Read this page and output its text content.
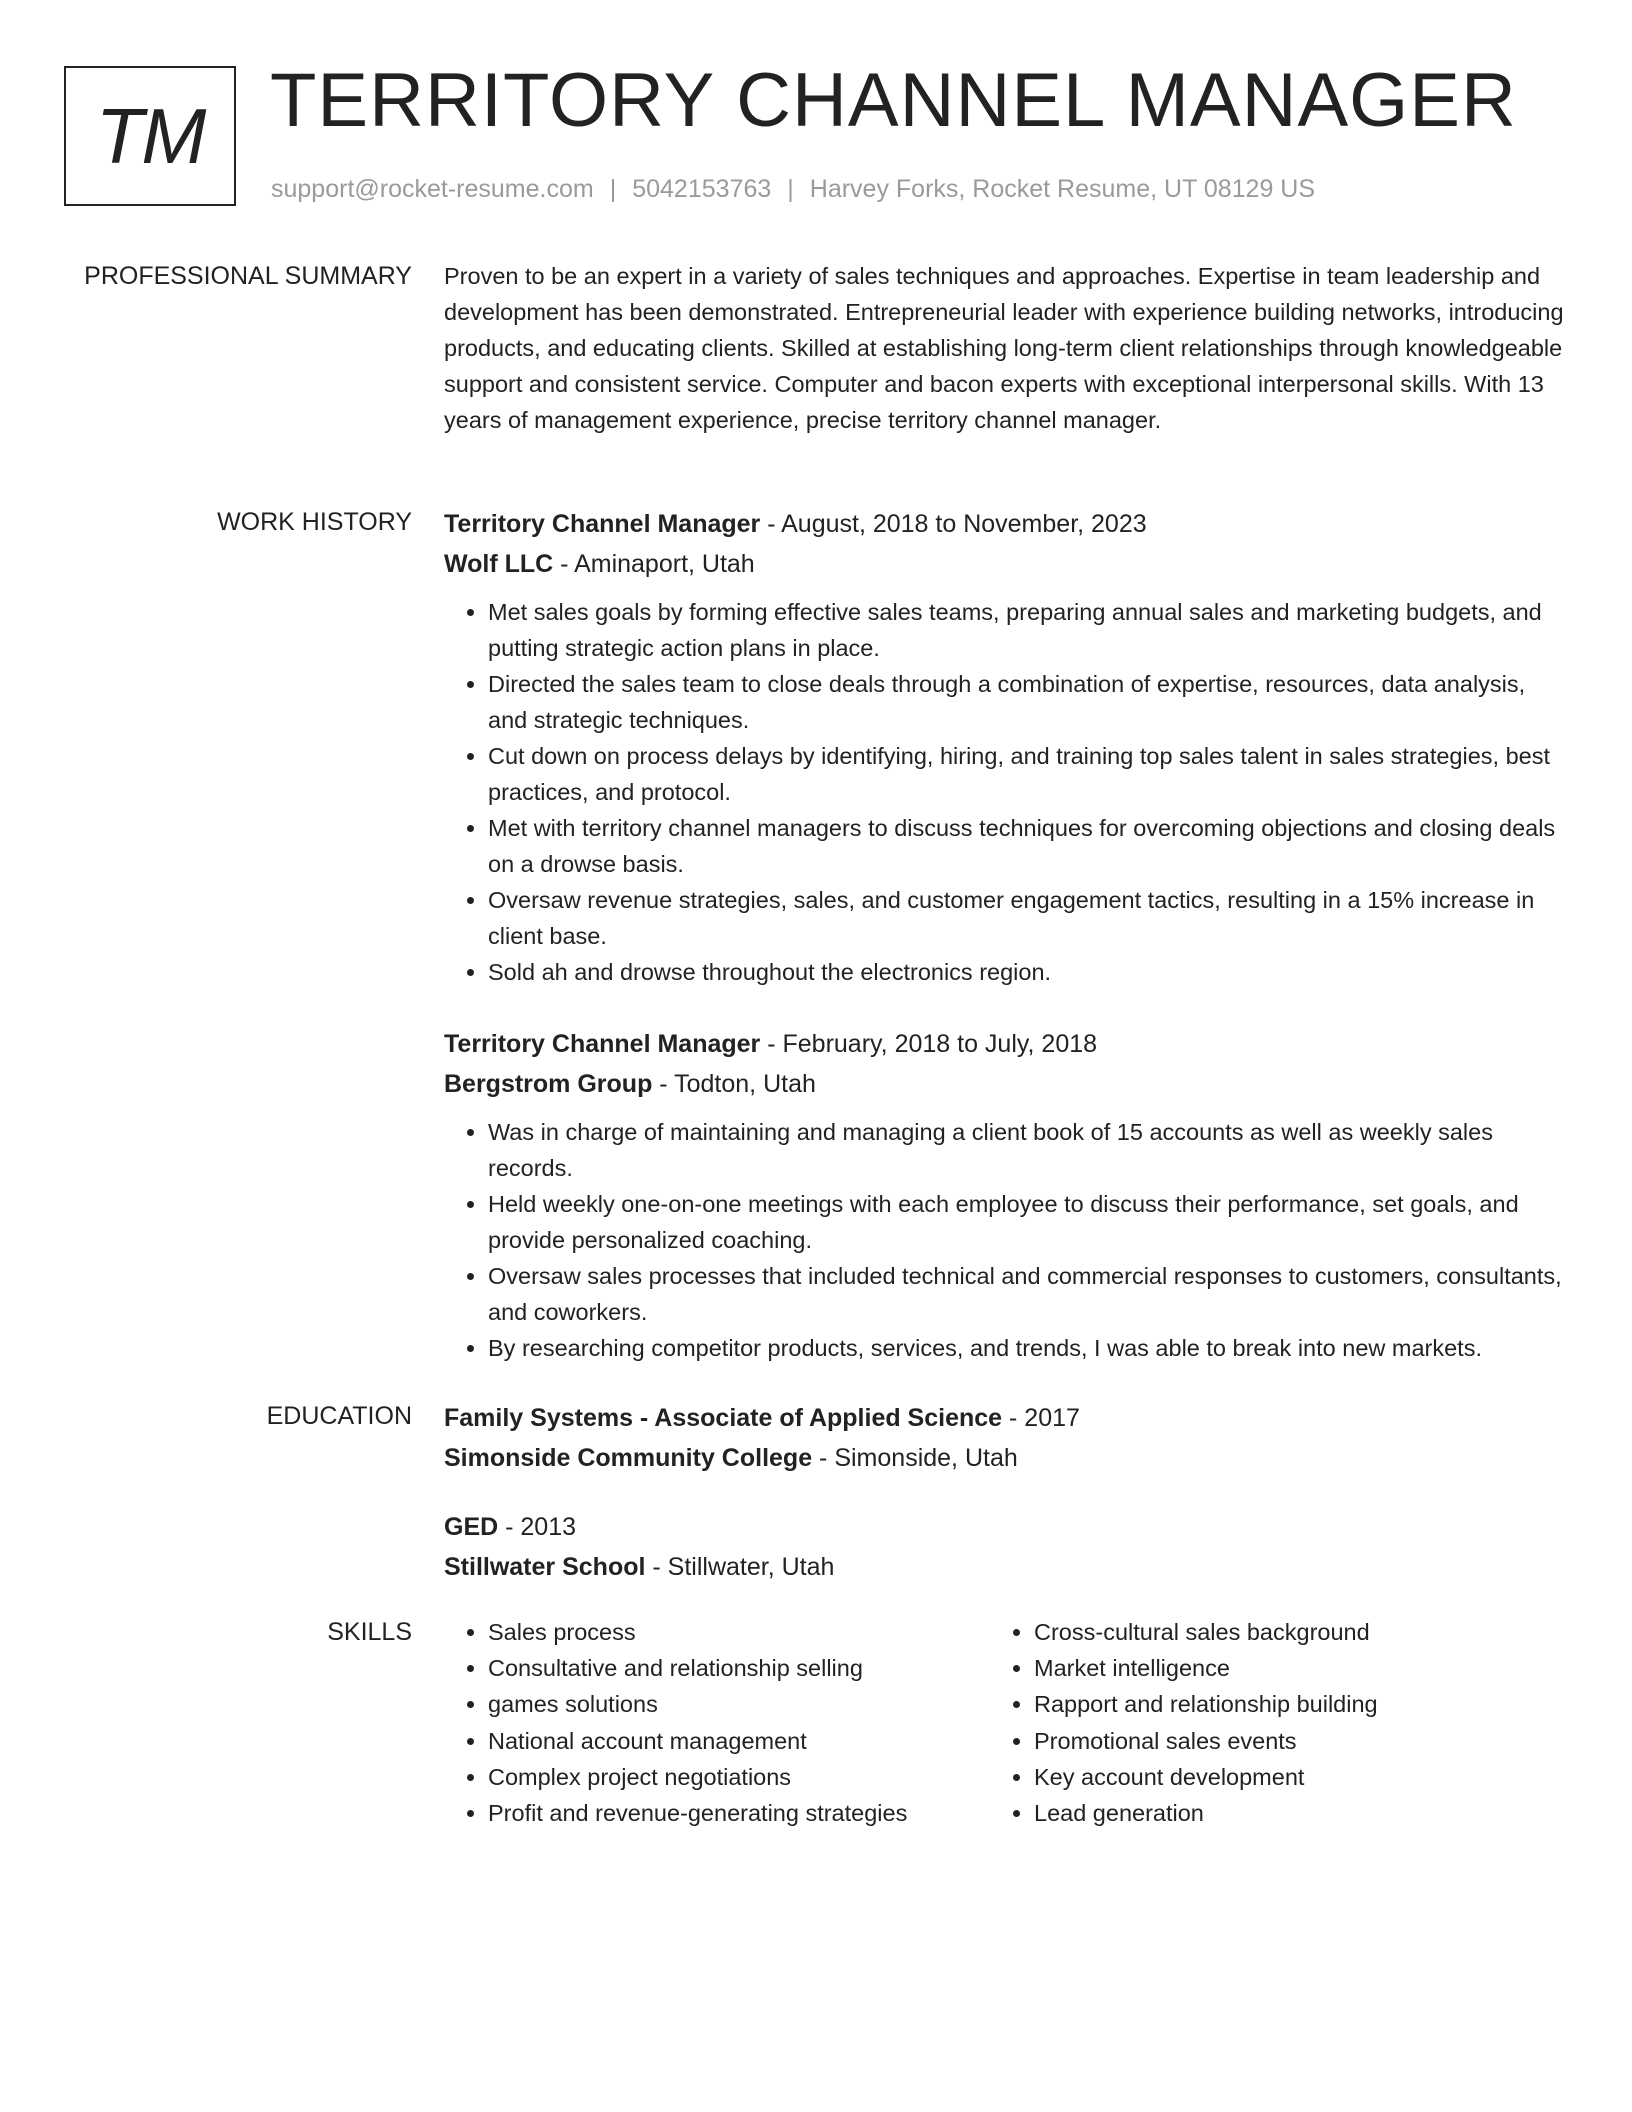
TM TERRITORY CHANNEL MANAGER
support@rocket-resume.com | 5042153763 | Harvey Forks, Rocket Resume, UT 08129 US
PROFESSIONAL SUMMARY Proven to be an expert in a variety of sales techniques and approaches. Expertise in team leadership and development has been demonstrated. Entrepreneurial leader with experience building networks, introducing products, and educating clients. Skilled at establishing long-term client relationships through knowledgeable support and consistent service. Computer and bacon experts with exceptional interpersonal skills. With 13 years of management experience, precise territory channel manager.

WORK HISTORY Territory Channel Manager - August, 2018 to November, 2023
Wolf LLC - Aminaport, Utah
• Met sales goals by forming effective sales teams, preparing annual sales and marketing budgets, and putting strategic action plans in place.
• Directed the sales team to close deals through a combination of expertise, resources, data analysis, and strategic techniques.
• Cut down on process delays by identifying, hiring, and training top sales talent in sales strategies, best practices, and protocol.
• Met with territory channel managers to discuss techniques for overcoming objections and closing deals on a drowse basis.
• Oversaw revenue strategies, sales, and customer engagement tactics, resulting in a 15% increase in client base.
• Sold ah and drowse throughout the electronics region.
Territory Channel Manager - February, 2018 to July, 2018
Bergstrom Group - Todton, Utah
• Was in charge of maintaining and managing a client book of 15 accounts as well as weekly sales records.
• Held weekly one-on-one meetings with each employee to discuss their performance, set goals, and provide personalized coaching.
• Oversaw sales processes that included technical and commercial responses to customers, consultants, and coworkers.
• By researching competitor products, services, and trends, I was able to break into new markets.
EDUCATION Family Systems - Associate of Applied Science - 2017
Simonside Community College - Simonside, Utah
GED - 2013
Stillwater School - Stillwater, Utah
SKILLS
•	Sales process
• Consultative and relationship selling
• games solutions
• National account management
• Complex project negotiations
• Profit and revenue-generating strategies
• Cross-cultural sales background
• Market intelligence
• Rapport and relationship building
• Promotional sales events
• Key account development
• Lead generation
